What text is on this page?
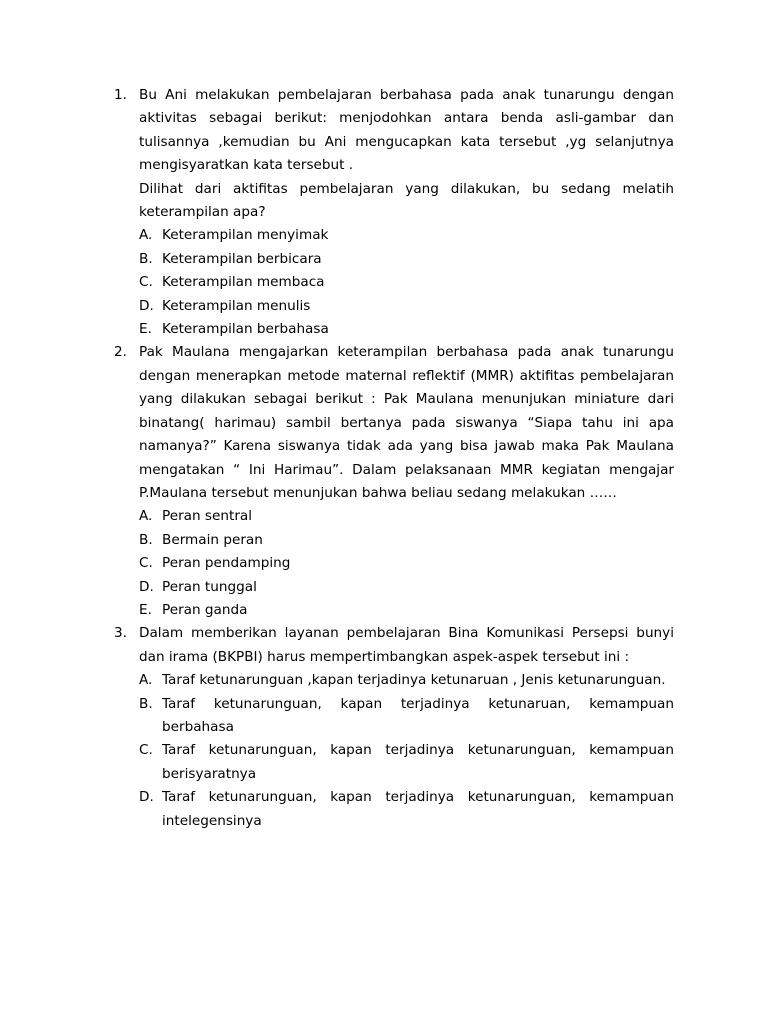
1. Bu Ani melakukan pembelajaran berbahasa pada anak tunarungu dengan aktivitas sebagai berikut: menjodohkan antara benda asli-gambar dan tulisannya ,kemudian bu Ani mengucapkan kata tersebut ,yg selanjutnya mengisyaratkan kata tersebut .

Dilihat dari aktifitas pembelajaran yang dilakukan, bu sedang melatih keterampilan apa?

A. Keterampilan menyimak
B. Keterampilan berbicara
C. Keterampilan membaca
D. Keterampilan menulis
E. Keterampilan berbahasa
2. Pak Maulana mengajarkan keterampilan berbahasa pada anak tunarungu dengan menerapkan metode maternal reflektif (MMR) aktifitas pembelajaran yang dilakukan sebagai berikut : Pak Maulana menunjukan miniature dari binatang( harimau) sambil bertanya pada siswanya “Siapa tahu ini apa namanya?” Karena siswanya tidak ada yang bisa jawab maka Pak Maulana mengatakan “ Ini Harimau”. Dalam pelaksanaan MMR kegiatan mengajar P.Maulana tersebut menunjukan bahwa beliau sedang melakukan ……

A. Peran sentral
B. Bermain peran
C. Peran pendamping
D. Peran tunggal
E. Peran ganda
3. Dalam memberikan layanan pembelajaran Bina Komunikasi Persepsi bunyi dan irama (BKPBI) harus mempertimbangkan aspek-aspek tersebut ini :

A. Taraf ketunarunguan ,kapan terjadinya ketunaruan , Jenis ketunarunguan.
B. Taraf ketunarunguan, kapan terjadinya ketunaruan, kemampuan berbahasa
C. Taraf ketunarunguan, kapan terjadinya ketunarunguan, kemampuan berisyaratnya
D. Taraf ketunarunguan, kapan terjadinya ketunarunguan, kemampuan intelegensinya
